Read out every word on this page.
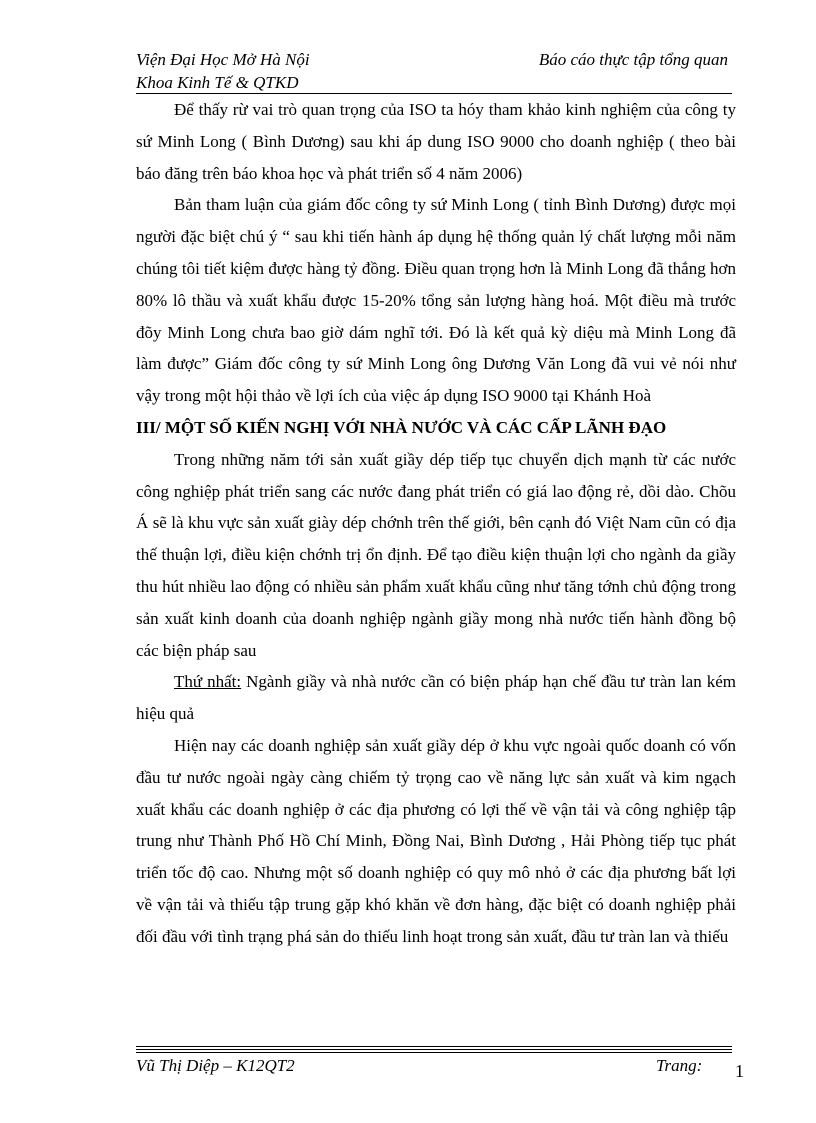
Viện Đại Học Mở Hà Nội
Khoa Kinh Tế & QTKD
Báo cáo thực tập tổng quan

Để thấy rừ vai trò quan trọng của ISO ta hóy tham khảo kinh nghiệm của công ty sứ Minh Long ( Bình Dương) sau khi áp dung ISO 9000 cho doanh nghiệp ( theo bài báo đăng trên báo khoa học và phát triển số 4 năm 2006)

Bản tham luận của giám đốc công ty sứ Minh Long ( tỉnh Bình Dương) được mọi người đặc biệt chú ý “ sau khi tiến hành áp dụng hệ thống quản lý chất lượng mỗi năm chúng tôi tiết kiệm được hàng tỷ đồng. Điều quan trọng hơn là Minh Long đã thắng hơn 80% lô thầu và xuất khẩu được 15-20% tổng sản lượng hàng hoá. Một điều mà trước đõy Minh Long chưa bao giờ dám nghĩ tới. Đó là kết quả kỳ diệu mà Minh Long đã làm được” Giám đốc công ty sứ Minh Long ông Dương Văn Long đã vui vẻ nói như vậy trong một hội thảo về lợi ích của việc áp dụng ISO 9000 tại Khánh Hoà

III/ MỘT SỐ KIẾN NGHỊ VỚI NHÀ NƯỚC VÀ CÁC CẤP LÃNH ĐẠO

Trong những năm tới sản xuất giầy dép tiếp tục chuyển dịch mạnh từ các nước công nghiệp phát triển sang các nước đang phát triển có giá lao động rẻ, dồi dào. Chõu Á sẽ là khu vực sản xuất giày dép chớnh trên thế giới, bên cạnh đó Việt Nam cũn có địa thế thuận lợi, điều kiện chớnh trị ổn định. Để tạo điều kiện thuận lợi cho ngành da giầy thu hút nhiều lao động có nhiều sản phẩm xuất khẩu cũng như tăng tớnh chủ động trong sản xuất kinh doanh của doanh nghiệp ngành giầy mong nhà nước tiến hành đồng bộ các biện pháp sau

Thứ nhất: Ngành giầy và nhà nước cần có biện pháp hạn chế đầu tư tràn lan kém hiệu quả

Hiện nay các doanh nghiệp sản xuất giầy dép ở khu vực ngoài quốc doanh có vốn đầu tư nước ngoài ngày càng chiếm tỷ trọng cao về năng lực sản xuất và kim ngạch xuất khẩu các doanh nghiệp ở các địa phương có lợi thế về vận tải và công nghiệp tập trung như Thành Phố Hồ Chí Minh, Đồng Nai, Bình Dương , Hải Phòng tiếp tục phát triển tốc độ cao. Nhưng một số doanh nghiệp có quy mô nhỏ ở các địa phương bất lợi về vận tải và thiếu tập trung gặp khó khăn về đơn hàng, đặc biệt có doanh nghiệp phải đối đầu với tình trạng phá sản do thiếu linh hoạt trong sản xuất, đầu tư tràn lan và thiếu

Vũ Thị Diệp – K12QT2	Trang: 1
